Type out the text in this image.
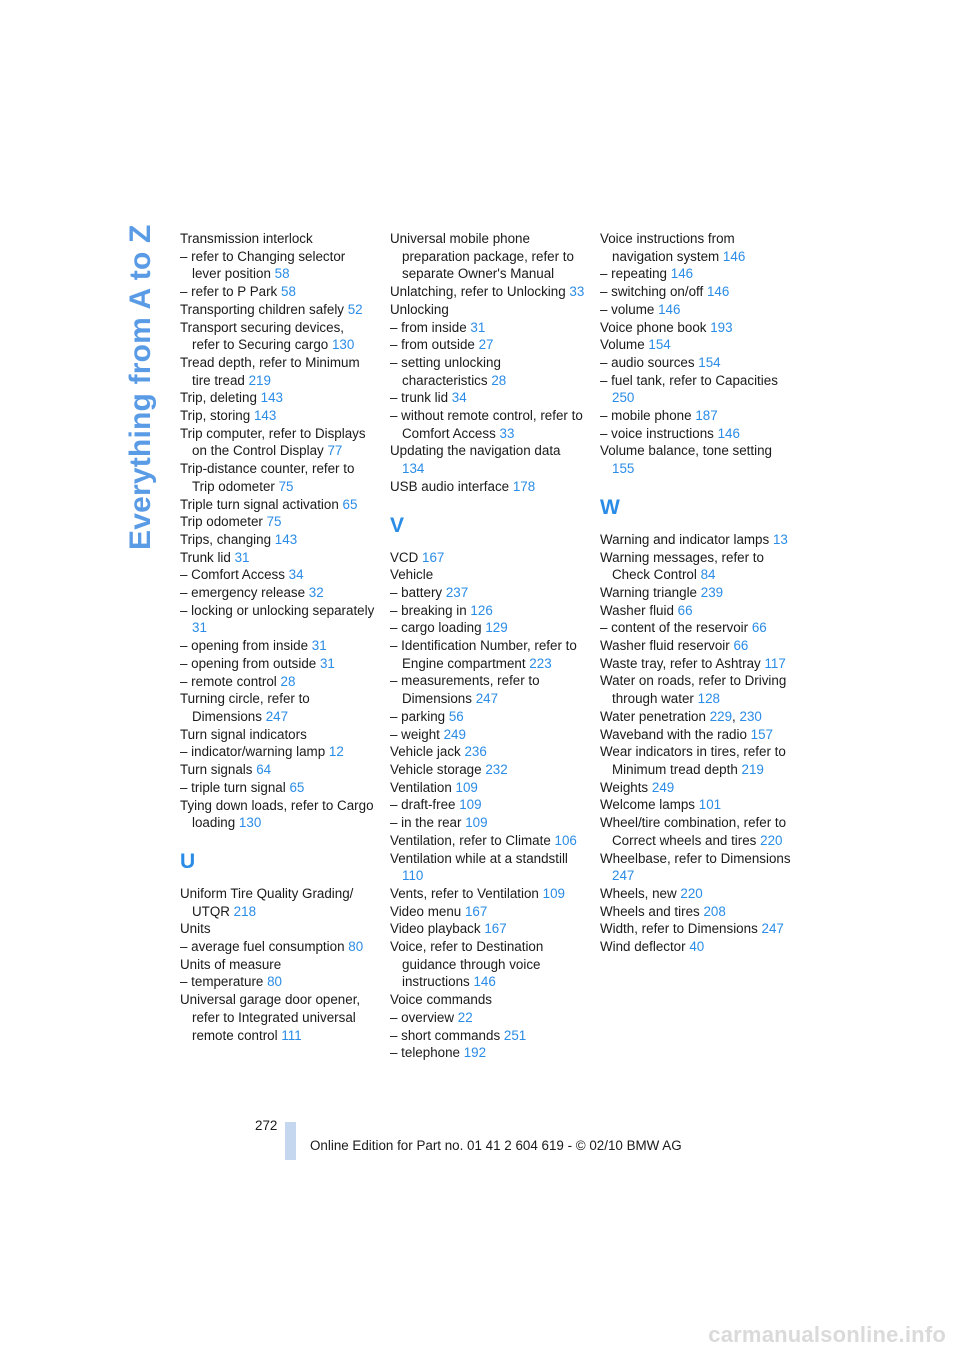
Everything from A to Z Transmission interlock
– refer to Changing selector lever position 58
– refer to P Park 58
Transporting children safely 52
Transport securing devices, refer to Securing cargo 130
Tread depth, refer to Minimum tire tread 219
Trip, deleting 143
Trip, storing 143
Trip computer, refer to Displays on the Control Display 77
Trip-distance counter, refer to Trip odometer 75
Triple turn signal activation 65
Trip odometer 75
Trips, changing 143
Trunk lid 31
– Comfort Access 34
– emergency release 32
– locking or unlocking separately 31
– opening from inside 31
– opening from outside 31
– remote control 28
Turning circle, refer to Dimensions 247
Turn signal indicators
– indicator/warning lamp 12
Turn signals 64
– triple turn signal 65
Tying down loads, refer to Cargo loading 130
U
Uniform Tire Quality Grading/ UTQR 218
Units
– average fuel consumption 80
Units of measure
– temperature 80
Universal garage door opener, refer to Integrated universal remote control 111
Universal mobile phone preparation package, refer to separate Owner's Manual
Unlatching, refer to Unlocking 33
Unlocking
– from inside 31
– from outside 27
– setting unlocking characteristics 28
– trunk lid 34
– without remote control, refer to Comfort Access 33
Updating the navigation data 134
USB audio interface 178
V
VCD 167
Vehicle
– battery 237
– breaking in 126
– cargo loading 129
– Identification Number, refer to Engine compartment 223
– measurements, refer to Dimensions 247
– parking 56
– weight 249
Vehicle jack 236
Vehicle storage 232
Ventilation 109
– draft-free 109
– in the rear 109
Ventilation, refer to Climate 106
Ventilation while at a standstill 110
Vents, refer to Ventilation 109
Video menu 167
Video playback 167
Voice, refer to Destination guidance through voice instructions 146
Voice commands
– overview 22
– short commands 251
– telephone 192
Voice instructions from navigation system 146
– repeating 146
– switching on/off 146
– volume 146
Voice phone book 193
Volume 154
– audio sources 154
– fuel tank, refer to Capacities 250
– mobile phone 187
– voice instructions 146
Volume balance, tone setting 155
W
Warning and indicator lamps 13
Warning messages, refer to Check Control 84
Warning triangle 239
Washer fluid 66
– content of the reservoir 66
Washer fluid reservoir 66
Waste tray, refer to Ashtray 117
Water on roads, refer to Driving through water 128
Water penetration 229, 230
Waveband with the radio 157
Wear indicators in tires, refer to Minimum tread depth 219
Weights 249
Welcome lamps 101
Wheel/tire combination, refer to Correct wheels and tires 220
Wheelbase, refer to Dimensions 247
Wheels, new 220
Wheels and tires 208
Width, refer to Dimensions 247
Wind deflector 40
272
Online Edition for Part no. 01 41 2 604 619 - © 02/10 BMW AG
carmanualsonline.info
